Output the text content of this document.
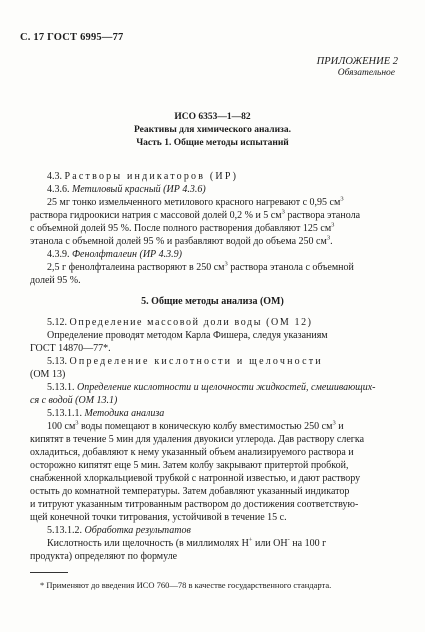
С. 17 ГОСТ 6995—77
ПРИЛОЖЕНИЕ 2
Обязательное
ИСО 6353—1—82
Реактивы для химического анализа.
Часть 1. Общие методы испытаний
4.3. Растворы индикаторов (ИР)
4.3.6. Метиловый красный (ИР 4.3.6)
25 мг тонко измельченного метилового красного нагревают с 0,95 $см^3$
раствора гидроокиси натрия с массовой долей 0,2 % и 5 $см^3$ раствора этанола
с объемной долей 95 %. После полного растворения добавляют 125 $см^3$
этанола с объемной долей 95 % и разбавляют водой до объема 250 $см^3$.
4.3.9. Фенолфталеин (ИР 4.3.9)
2,5 г фенолфталеина растворяют в 250 $см^3$ раствора этанола с объемной
долей 95 %.
5. Общие методы анализа (ОМ)
5.12. Определение массовой доли воды (ОМ 12)
Определение проводят методом Карла Фишера, следуя указаниям
ГОСТ 14870—77*.
5.13. Определение кислотности и щелочности
(ОМ 13)
5.13.1. Определение кислотности и щелочности жидкостей, смешивающих-
ся с водой (ОМ 13.1)
5.13.1.1. Методика анализа
100 $см^3$ воды помещают в коническую колбу вместимостью 250 $см^3$ и
кипятят в течение 5 мин для удаления двуокиси углерода. Дав раствору слегка
охладиться, добавляют к нему указанный объем анализируемого раствора и
осторожно кипятят еще 5 мин. Затем колбу закрывают притертой пробкой,
снабженной хлоркальциевой трубкой с натронной известью, и дают раствору
остыть до комнатной температуры. Затем добавляют указанный индикатор
и титруют указанным титрованным раствором до достижения соответствую-
щей конечной точки титрования, устойчивой в течение 15 с.
5.13.1.2. Обработка результатов
Кислотность или щелочность (в миллимолях Н+ или ОН- на 100 г
продукта) определяют по формуле
* Применяют до введения ИСО 760—78 в качестве государственного стандарта.
